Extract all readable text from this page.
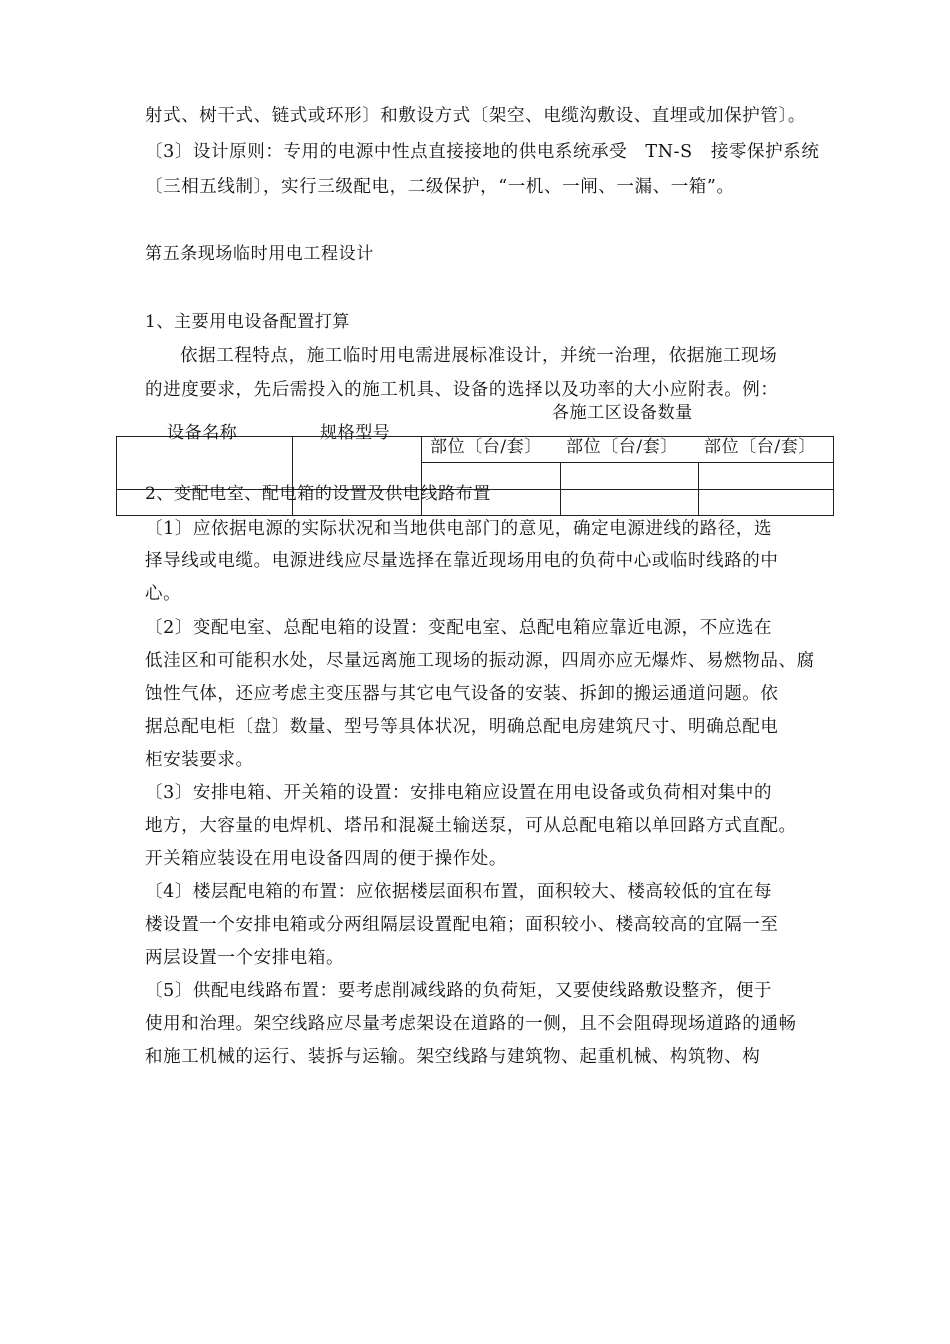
射式、树干式、链式或环形〕和敷设方式〔架空、电缆沟敷设、直埋或加保护管〕。
〔3〕设计原则：专用的电源中性点直接接地的供电系统承受　TN-S　接零保护系统
〔三相五线制〕，实行三级配电，二级保护，“一机、一闸、一漏、一箱”。
第五条现场临时用电工程设计
1、主要用电设备配置打算
依据工程特点，施工临时用电需进展标准设计，并统一治理，依据施工现场
的进度要求，先后需投入的施工机具、设备的选择以及功率的大小应附表。例：
设备名称	规格型号
各施工区设备数量
部位〔台/套〕 部位〔台/套〕 部位〔台/套〕
2、变配电室、配电箱的设置及供电线路布置
〔1〕应依据电源的实际状况和当地供电部门的意见，确定电源进线的路径，选
择导线或电缆。电源进线应尽量选择在靠近现场用电的负荷中心或临时线路的中
心。
〔2〕变配电室、总配电箱的设置：变配电室、总配电箱应靠近电源，不应选在
低洼区和可能积水处，尽量远离施工现场的振动源，四周亦应无爆炸、易燃物品、腐
蚀性气体，还应考虑主变压器与其它电气设备的安装、拆卸的搬运通道问题。依
据总配电柜〔盘〕数量、型号等具体状况，明确总配电房建筑尺寸、明确总配电
柜安装要求。
〔3〕安排电箱、开关箱的设置：安排电箱应设置在用电设备或负荷相对集中的
地方，大容量的电焊机、塔吊和混凝土输送泵，可从总配电箱以单回路方式直配。
开关箱应装设在用电设备四周的便于操作处。
〔4〕楼层配电箱的布置：应依据楼层面积布置，面积较大、楼高较低的宜在每
楼设置一个安排电箱或分两组隔层设置配电箱；面积较小、楼高较高的宜隔一至
两层设置一个安排电箱。
〔5〕供配电线路布置：要考虑削减线路的负荷矩，又要使线路敷设整齐，便于
使用和治理。架空线路应尽量考虑架设在道路的一侧，且不会阻碍现场道路的通畅
和施工机械的运行、装拆与运输。架空线路与建筑物、起重机械、构筑物、构
